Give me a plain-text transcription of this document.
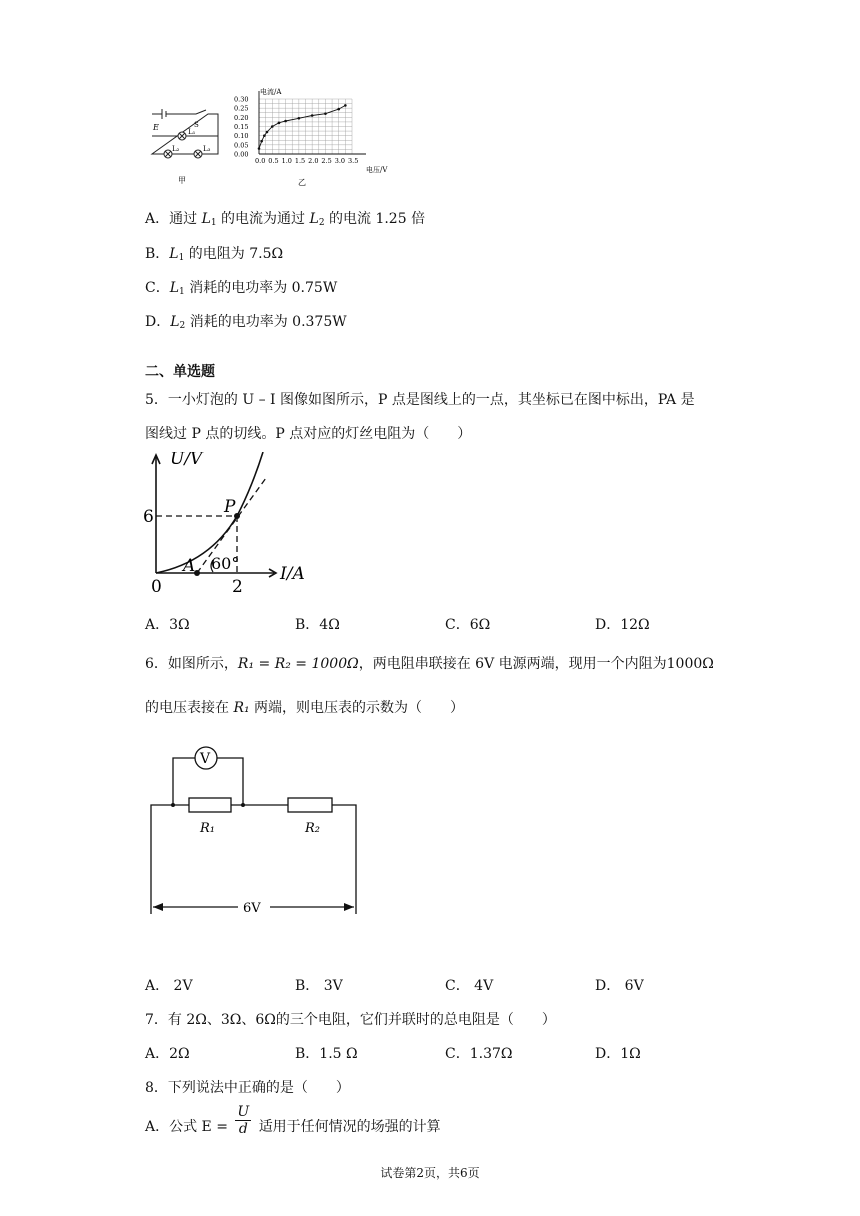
E	S
L₁
L₂	L₃
甲
电流/A
电压/V
乙
0.30
0.25
0.20
0.15
0.10
0.05
0.00
0.0 0.5 1.0 1.5 2.0 2.5 3.0 3.5
A．通过 $L_1$ 的电流为通过 $L_2$ 的电流 1.25 倍
B．$L_1$ 的电阻为 7.5Ω
C．$L_1$ 消耗的电功率为 0.75W
D．$L_2$ 消耗的电功率为 0.375W
二、单选题
5．一小灯泡的 U – I 图像如图所示，P 点是图线上的一点，其坐标已在图中标出，PA 是
图线过 P 点的切线。P 点对应的灯丝电阻为（　　）
U/V
I/A
6
2
0
P
A 60°
A．3Ω	B．4Ω	C．6Ω	D．12Ω
6．如图所示，R₁ = R₂ = 1000Ω，两电阻串联接在 6V 电源两端，现用一个内阻为1000Ω
的电压表接在 R₁ 两端，则电压表的示数为（　　）
V
R₁	R₂
6V
A． 2V	B． 3V	C． 4V	D． 6V
7．有 2Ω、3Ω、6Ω的三个电阻，它们并联时的总电阻是（　　）
A．2Ω	B．1.5 Ω	C．1.37Ω	D．1Ω
8．下列说法中正确的是（　　）
A．公式 $E = \frac{U}{d}$ 适用于任何情况的场强的计算
试卷第2页，共6页
